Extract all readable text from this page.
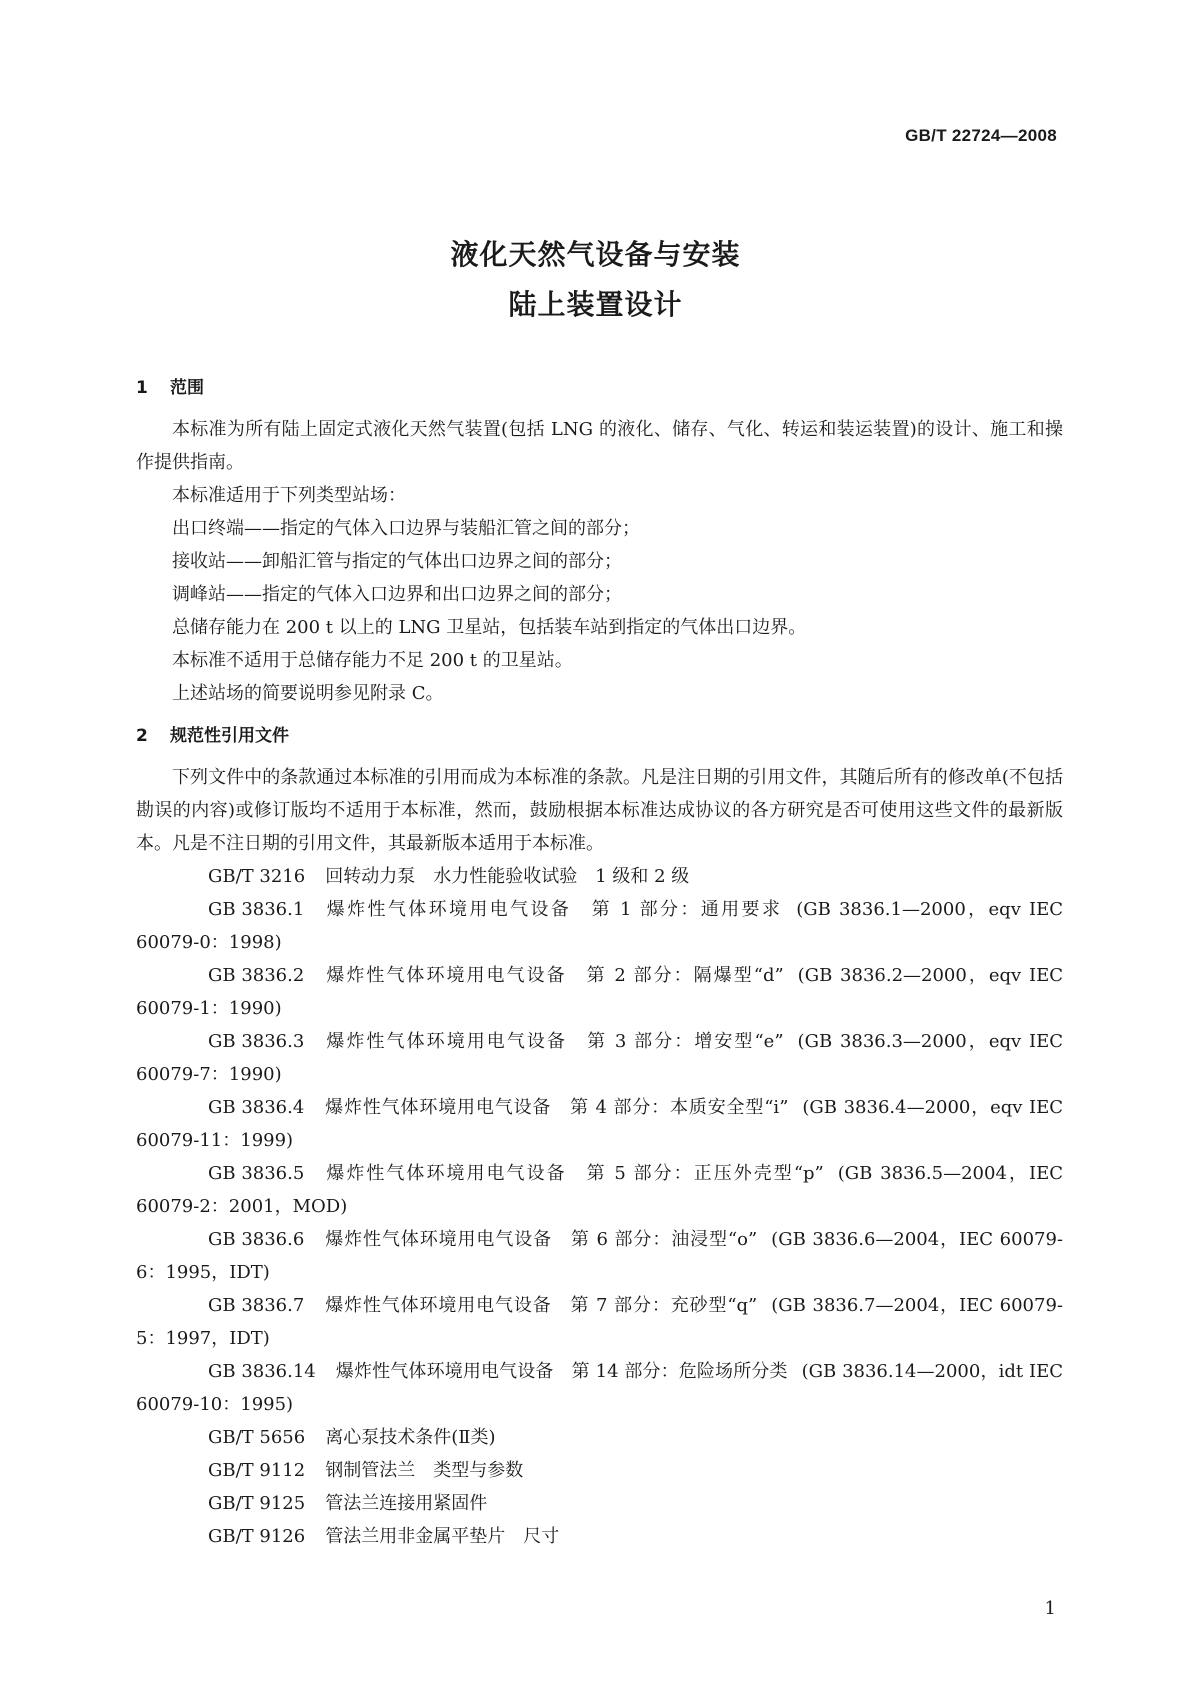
GB/T 22724—2008
液化天然气设备与安装
陆上装置设计
1 范围

本标准为所有陆上固定式液化天然气装置(包括 LNG 的液化、储存、气化、转运和装运装置)的设计、施工和操作提供指南。

本标准适用于下列类型站场：

出口终端——指定的气体入口边界与装船汇管之间的部分；

接收站——卸船汇管与指定的气体出口边界之间的部分；

调峰站——指定的气体入口边界和出口边界之间的部分；

总储存能力在 200 t 以上的 LNG 卫星站，包括装车站到指定的气体出口边界。

本标准不适用于总储存能力不足 200 t 的卫星站。

上述站场的简要说明参见附录 C。

2 规范性引用文件

下列文件中的条款通过本标准的引用而成为本标准的条款。凡是注日期的引用文件，其随后所有的修改单(不包括勘误的内容)或修订版均不适用于本标准，然而，鼓励根据本标准达成协议的各方研究是否可使用这些文件的最新版本。凡是不注日期的引用文件，其最新版本适用于本标准。

GB/T 3216 回转动力泵　水力性能验收试验　1 级和 2 级
GB 3836.1 爆炸性气体环境用电气设备　第 1 部分：通用要求 (GB 3836.1—2000，eqv IEC 60079-0：1998)
GB 3836.2 爆炸性气体环境用电气设备　第 2 部分：隔爆型“d” (GB 3836.2—2000，eqv IEC 60079-1：1990)
GB 3836.3 爆炸性气体环境用电气设备　第 3 部分：增安型“e” (GB 3836.3—2000，eqv IEC 60079-7：1990)
GB 3836.4 爆炸性气体环境用电气设备　第 4 部分：本质安全型“i” (GB 3836.4—2000，eqv IEC 60079-11：1999)
GB 3836.5 爆炸性气体环境用电气设备　第 5 部分：正压外壳型“p” (GB 3836.5—2004，IEC 60079-2：2001，MOD)
GB 3836.6 爆炸性气体环境用电气设备　第 6 部分：油浸型“o” (GB 3836.6—2004，IEC 60079-6：1995，IDT)
GB 3836.7 爆炸性气体环境用电气设备　第 7 部分：充砂型“q” (GB 3836.7—2004，IEC 60079-5：1997，IDT)
GB 3836.14 爆炸性气体环境用电气设备　第 14 部分：危险场所分类 (GB 3836.14—2000，idt IEC 60079-10：1995)
GB/T 5656 离心泵技术条件(Ⅱ类)
GB/T 9112 钢制管法兰　类型与参数
GB/T 9125 管法兰连接用紧固件
GB/T 9126 管法兰用非金属平垫片　尺寸
1
